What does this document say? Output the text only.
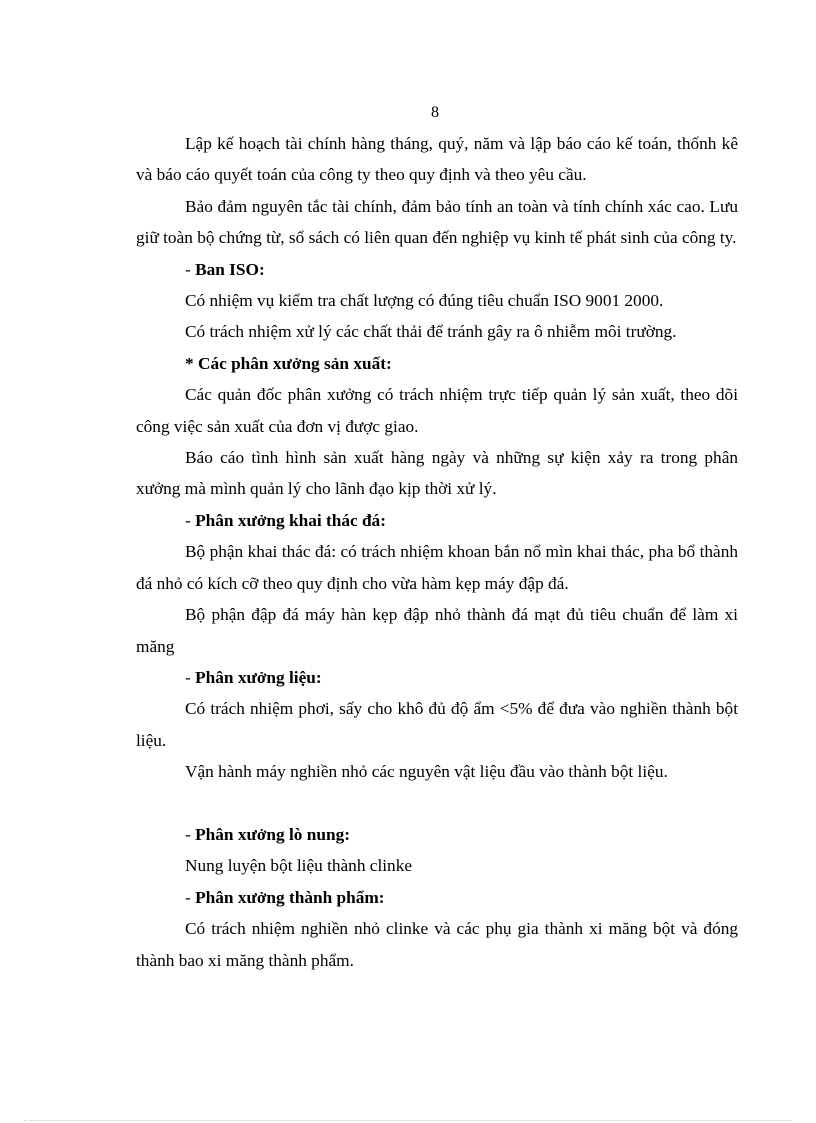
8

Lập kế hoạch tài chính hàng tháng, quý, năm và lập báo cáo kế toán, thốnh kê và báo cáo quyết toán của công ty theo quy định và theo yêu cầu.

Bảo đảm nguyên tắc tài chính, đảm bảo tính an toàn và tính chính xác cao. Lưu giữ toàn bộ chứng từ, sổ sách có liên quan đến nghiệp vụ kinh tế phát sinh của công ty.

- Ban ISO:

Có nhiệm vụ kiểm tra chất lượng có đúng tiêu chuẩn ISO 9001 2000.

Có trách nhiệm xử lý các chất thải để tránh gây ra ô nhiễm môi trường.

* Các phân xưởng sản xuất:

Các quản đốc phân xưởng có trách nhiệm trực tiếp quản lý sản xuất, theo dõi công việc sản xuất của đơn vị được giao.

Báo cáo tình hình sản xuất hàng ngày và những sự kiện xảy ra trong phân xưởng mà mình quản lý cho lãnh đạo kịp thời xử lý.

- Phân xưởng khai thác đá:

Bộ phận khai thác đá: có trách nhiệm khoan bắn nổ mìn khai thác, pha bổ thành đá nhỏ có kích cỡ theo quy định cho vừa hàm kẹp máy đập đá.

Bộ phận đập đá máy hàn kẹp đập nhỏ thành đá mạt đủ tiêu chuẩn để làm xi măng

- Phân xưởng liệu:

Có trách nhiệm phơi, sấy cho khô đủ độ ẩm <5% để đưa vào nghiền thành bột liệu.

Vận hành máy nghiền nhỏ các nguyên vật liệu đầu vào thành bột liệu.

- Phân xưởng lò nung:

Nung luyện bột liệu thành clinke

- Phân xưởng thành phẩm:

Có trách nhiệm nghiền nhỏ clinke và các phụ gia thành xi măng bột và đóng thành bao xi măng thành phẩm.
